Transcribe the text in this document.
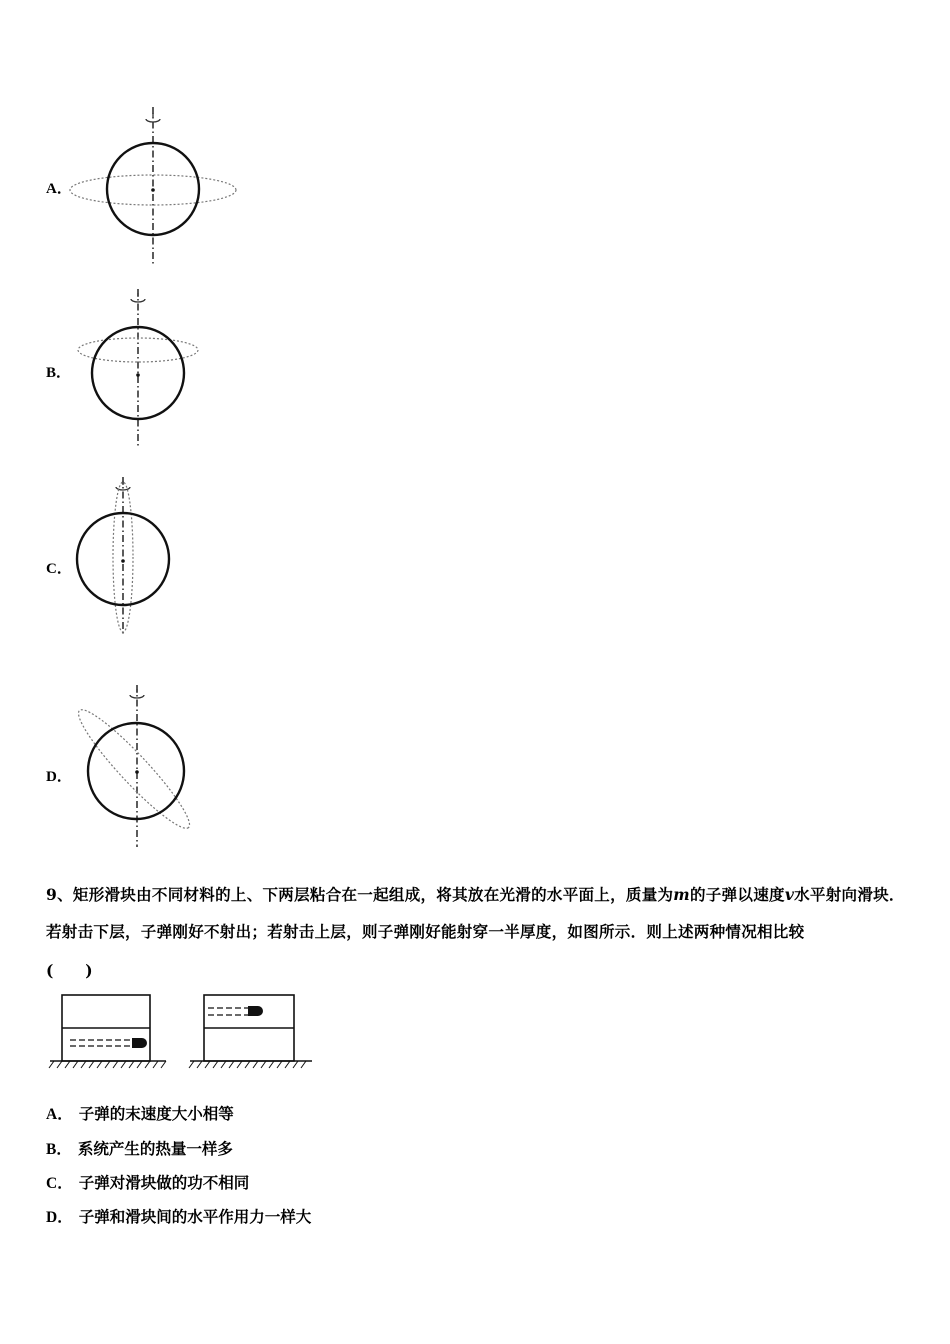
A．
B．
C．
D．
9、矩形滑块由不同材料的上、下两层粘合在一起组成，将其放在光滑的水平面上，质量为m的子弹以速度v水平射向滑块．若射击下层，子弹刚好不射出；若射击上层，则子弹刚好能射穿一半厚度，如图所示．则上述两种情况相比较
(　　)
A． 子弹的末速度大小相等
B． 系统产生的热量一样多
C． 子弹对滑块做的功不相同
D． 子弹和滑块间的水平作用力一样大
